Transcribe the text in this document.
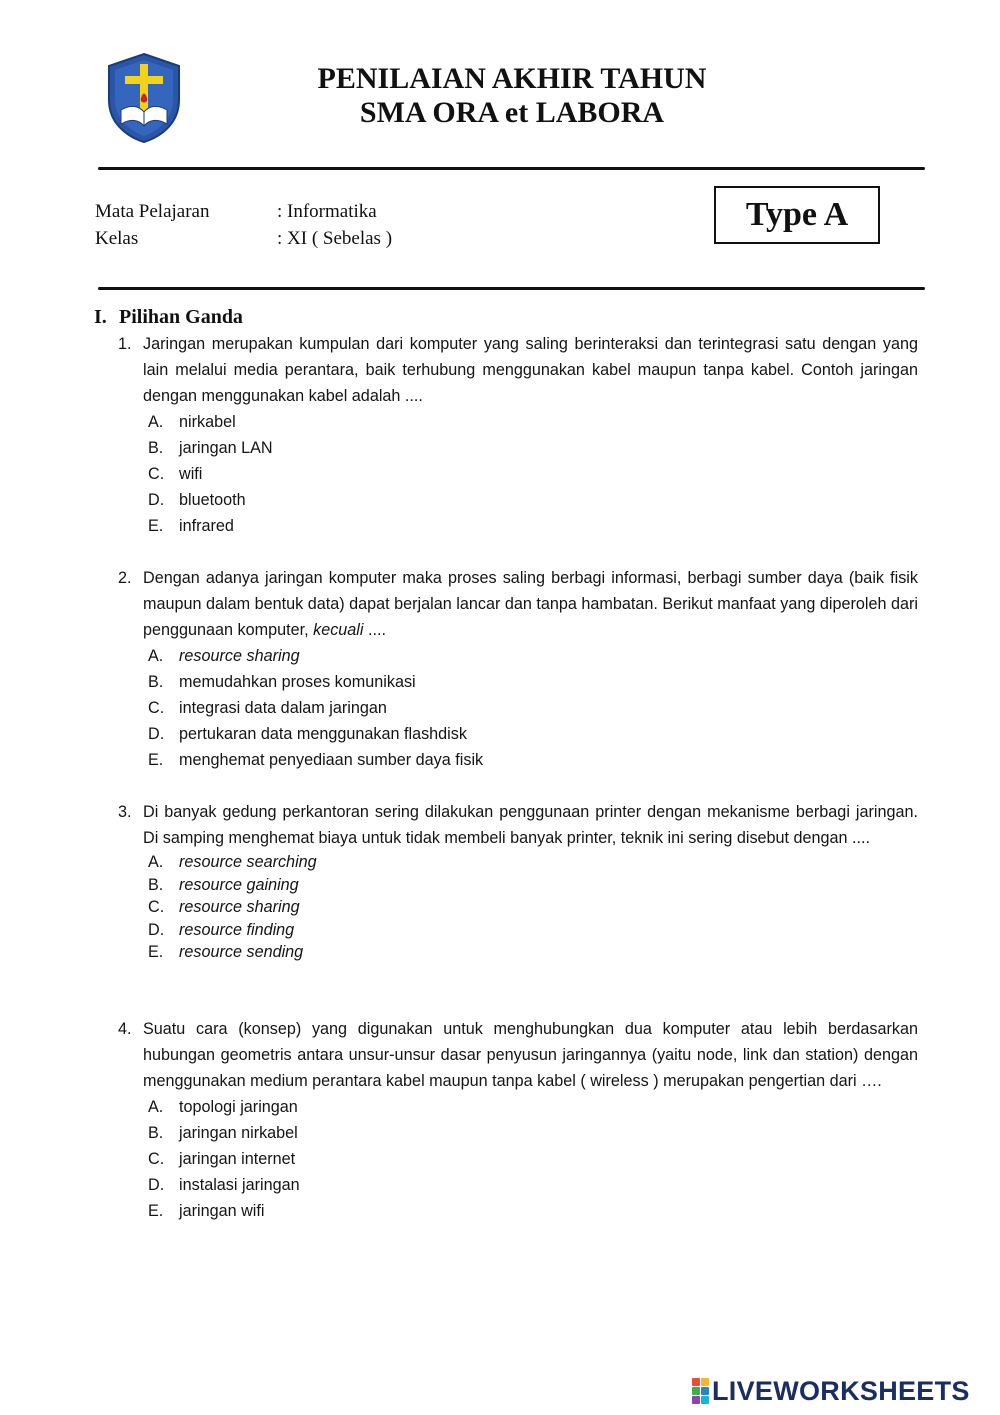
PENILAIAN AKHIR TAHUN
SMA ORA et LABORA
Mata Pelajaran	: Informatika
Kelas	: XI ( Sebelas )
Type A
I. Pilihan Ganda
1. Jaringan merupakan kumpulan dari komputer yang saling berinteraksi dan terintegrasi satu dengan yang lain melalui media perantara, baik terhubung menggunakan kabel maupun tanpa kabel. Contoh jaringan dengan menggunakan kabel adalah ....
A. nirkabel
B. jaringan LAN
C. wifi
D. bluetooth
E. infrared
2. Dengan adanya jaringan komputer maka proses saling berbagi informasi, berbagi sumber daya (baik fisik maupun dalam bentuk data) dapat berjalan lancar dan tanpa hambatan. Berikut manfaat yang diperoleh dari penggunaan komputer, kecuali ....
A. resource sharing
B. memudahkan proses komunikasi
C. integrasi data dalam jaringan
D. pertukaran data menggunakan flashdisk
E. menghemat penyediaan sumber daya fisik
3. Di banyak gedung perkantoran sering dilakukan penggunaan printer dengan mekanisme berbagi jaringan. Di samping menghemat biaya untuk tidak membeli banyak printer, teknik ini sering disebut dengan ....
A. resource searching
B. resource gaining
C. resource sharing
D. resource finding
E. resource sending
4. Suatu cara (konsep) yang digunakan untuk menghubungkan dua komputer atau lebih berdasarkan hubungan geometris antara unsur-unsur dasar penyusun jaringannya (yaitu node, link dan station) dengan menggunakan medium perantara kabel maupun tanpa kabel ( wireless ) merupakan pengertian dari ….
A. topologi jaringan
B. jaringan nirkabel
C. jaringan internet
D. instalasi jaringan
E. jaringan wifi
LIVEWORKSHEETS
